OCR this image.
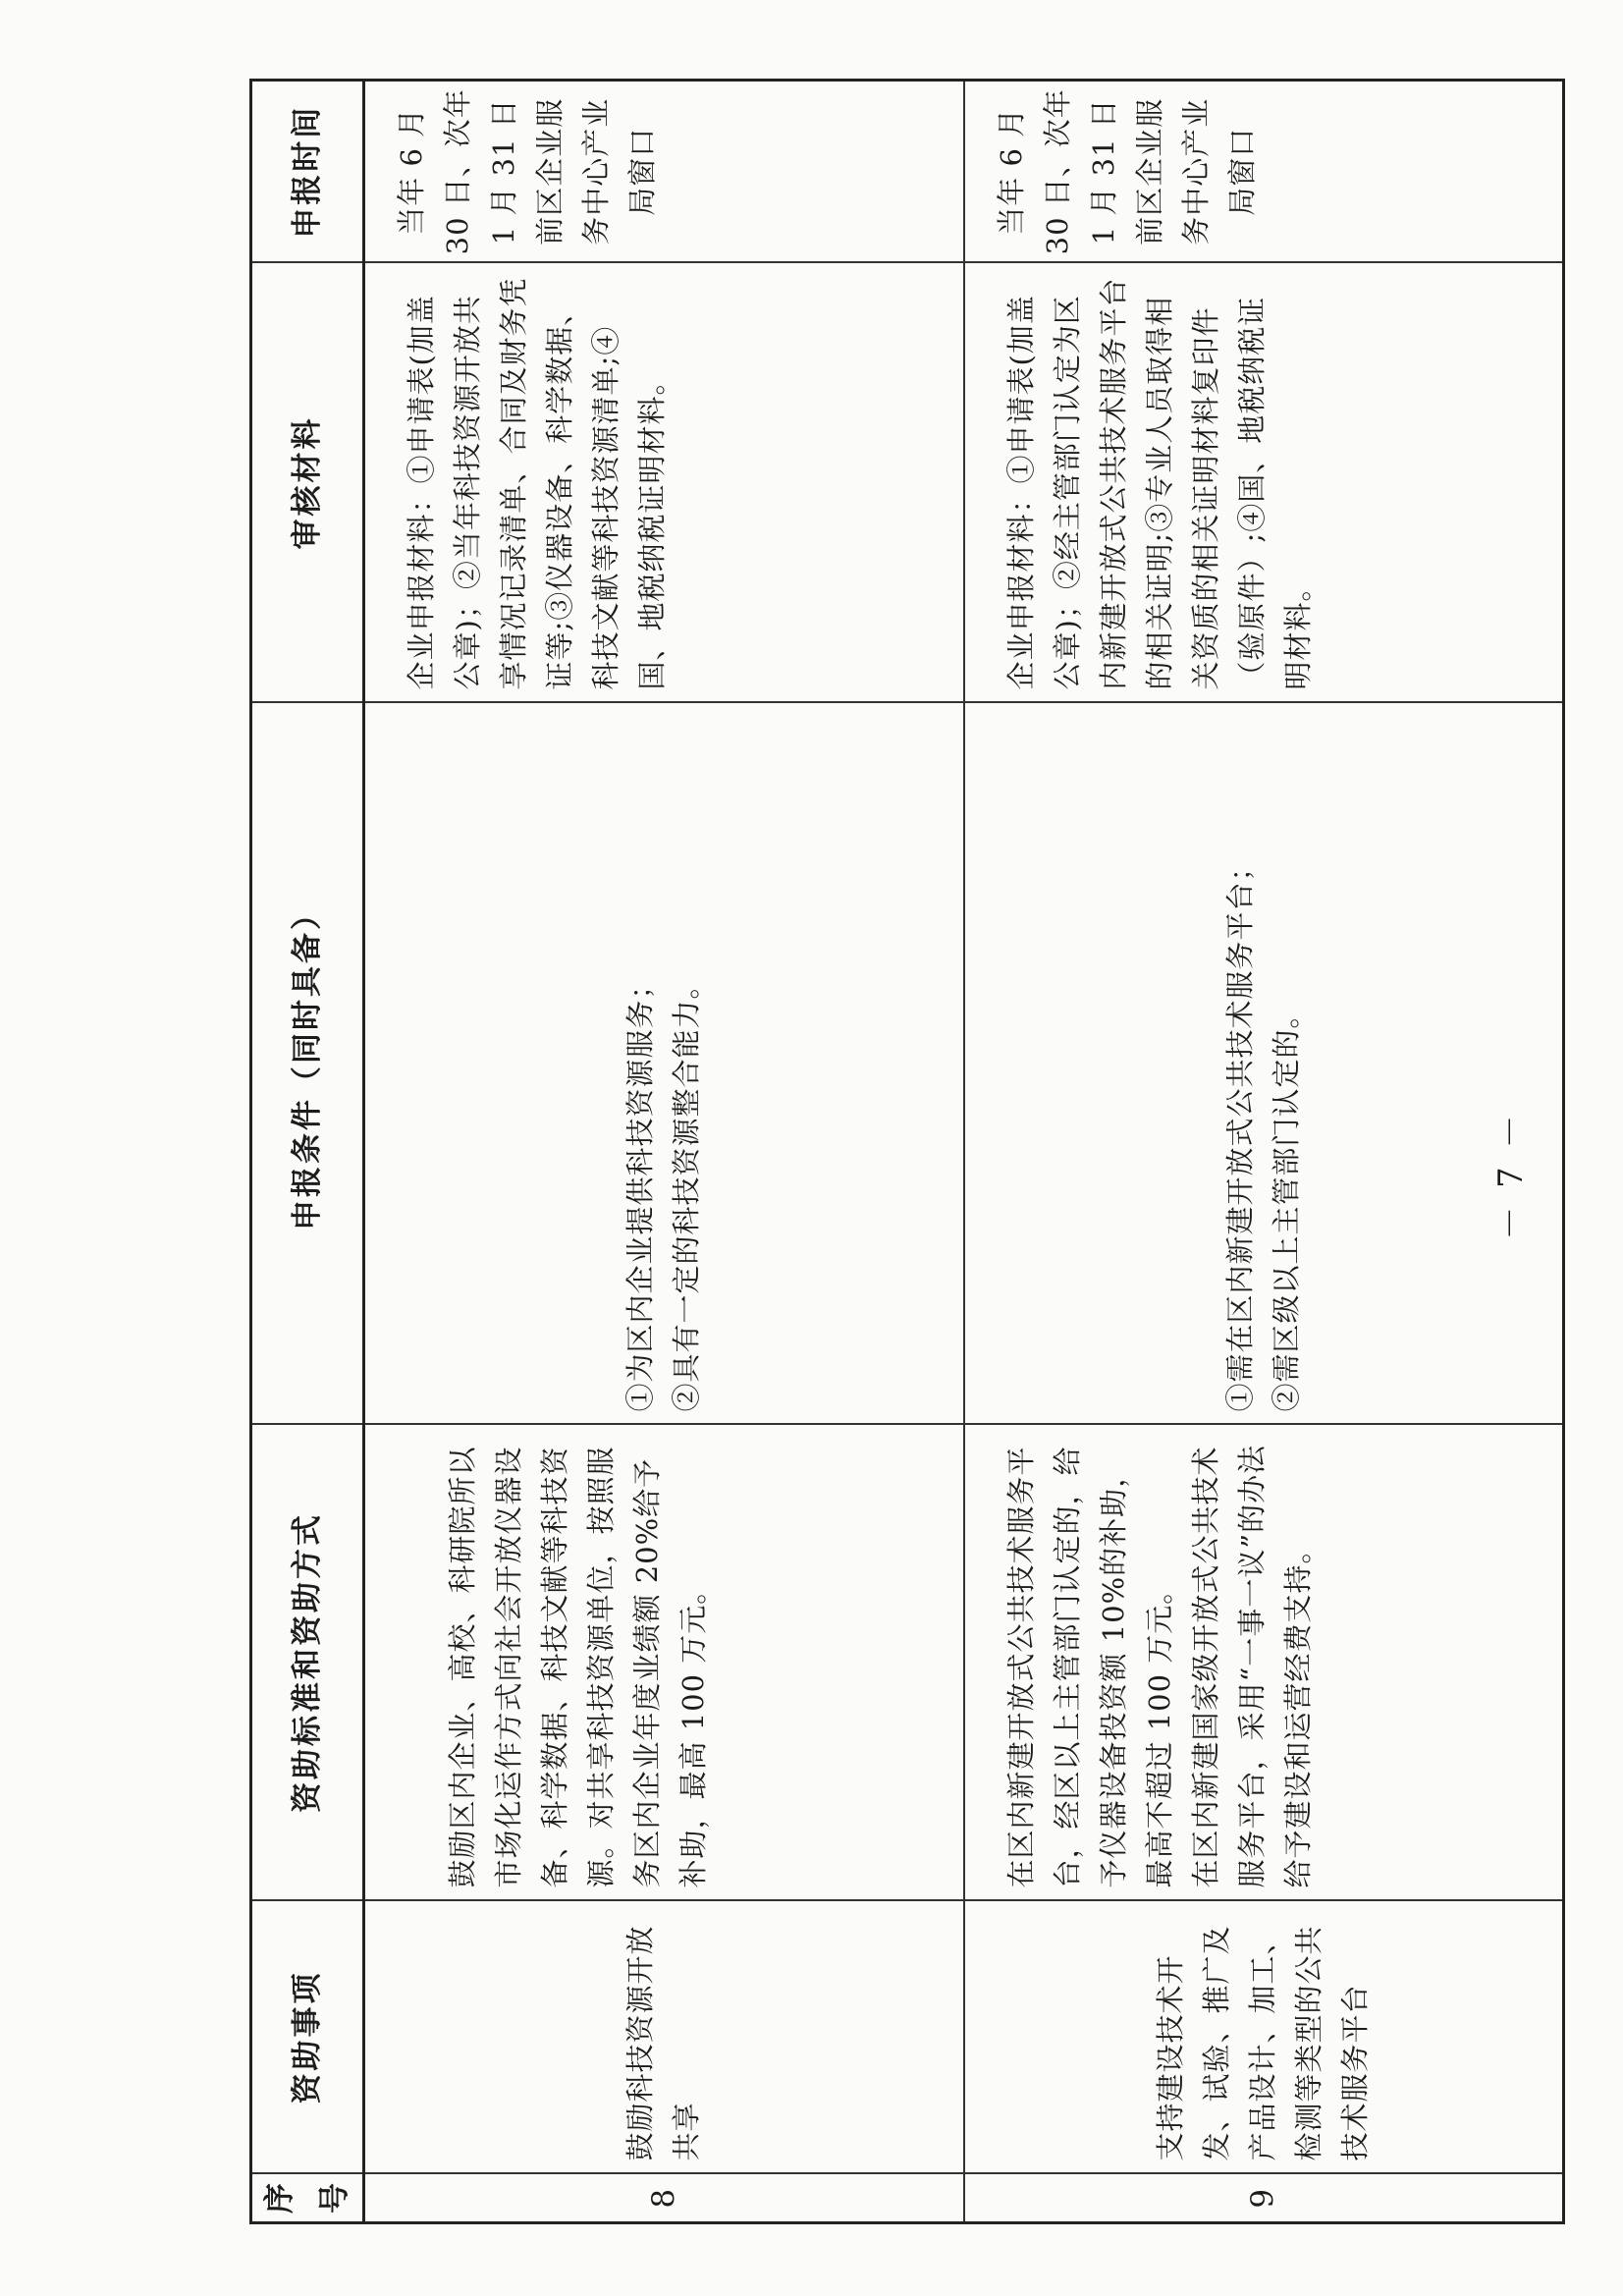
序号	资助事项	资助标准和资助方式	申报条件（同时具备）	审核材料	申报时间
8	鼓励科技资源开放共享	鼓励区内企业、高校、科研院所以市场化运作方式向社会开放仪器设备、科学数据、科技文献等科技资源。对共享科技资源单位，按照服务区内企业年度业绩额 20%给予补助，最高 100 万元。	①为区内企业提供科技资源服务； ②具有一定的科技资源整合能力。	企业申报材料：①申请表(加盖公章)；②当年科技资源开放共享情况记录清单、合同及财务凭证等;③仪器设备、科学数据、科技文献等科技资源清单;④国、地税纳税证明材料。	当年 6 月 30 日、次年 1 月 31 日前区企业服务中心产业局窗口
9	支持建设技术开发、试验、推广及产品设计、加工、检测等类型的公共技术服务平台	在区内新建开放式公共技术服务平台，经区以上主管部门认定的，给予仪器设备投资额 10%的补助，最高不超过 100 万元。 在区内新建国家级开放式公共技术服务平台，采用“一事一议”的办法给予建设和运营经费支持。	①需在区内新建开放式公共技术服务平台； ②需区级以上主管部门认定的。	企业申报材料：①申请表(加盖公章)；②经主管部门认定为区内新建开放式公共技术服务平台的相关证明;③专业人员取得相关资质的相关证明材料复印件（验原件）;④国、地税纳税证明材料。	当年 6 月 30 日、次年 1 月 31 日前区企业服务中心产业局窗口
－ 7 －
